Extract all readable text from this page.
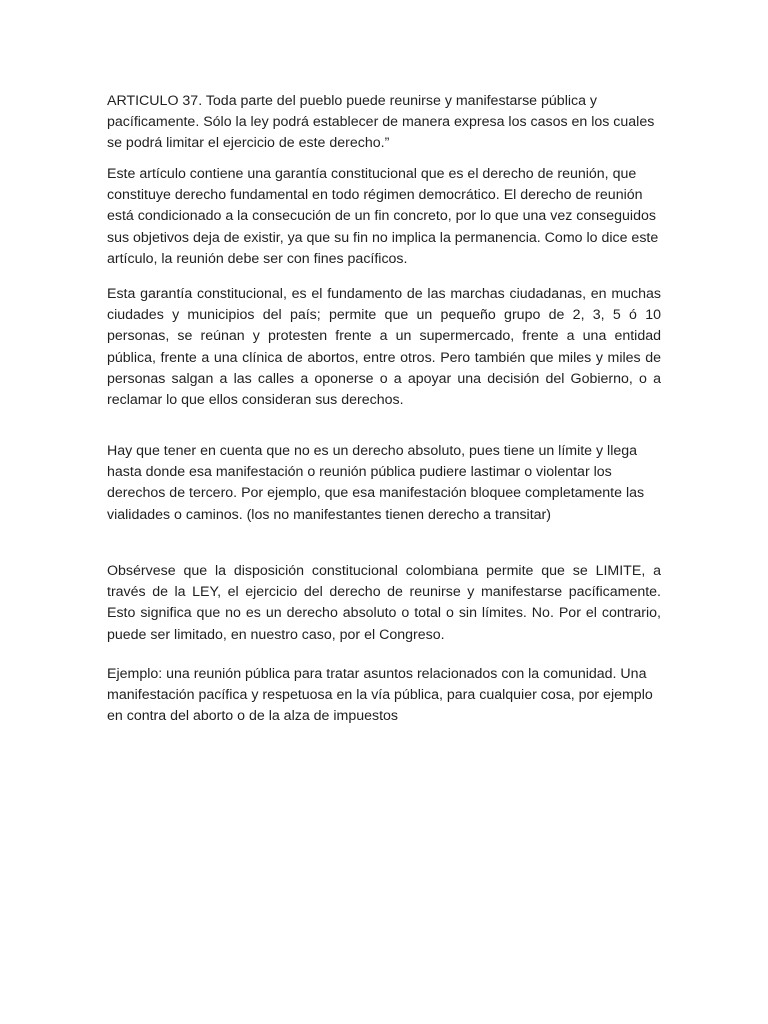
ARTICULO 37. Toda parte del pueblo puede reunirse y manifestarse pública y pacíficamente. Sólo la ley podrá establecer de manera expresa los casos en los cuales se podrá limitar el ejercicio de este derecho.”

Este artículo contiene una garantía constitucional que es el derecho de reunión, que constituye derecho fundamental en todo régimen democrático. El derecho de reunión está condicionado a la consecución de un fin concreto, por lo que una vez conseguidos sus objetivos deja de existir, ya que su fin no implica la permanencia. Como lo dice este artículo, la reunión debe ser con fines pacíficos.

Esta garantía constitucional, es el fundamento de las marchas ciudadanas, en muchas ciudades y municipios del país; permite que un pequeño grupo de 2, 3, 5 ó 10 personas, se reúnan y protesten frente a un supermercado, frente a una entidad pública, frente a una clínica de abortos, entre otros. Pero también que miles y miles de personas salgan a las calles a oponerse o a apoyar una decisión del Gobierno, o a reclamar lo que ellos consideran sus derechos.

Hay que tener en cuenta que no es un derecho absoluto, pues tiene un límite y llega hasta donde esa manifestación o reunión pública pudiere lastimar o violentar los derechos de tercero. Por ejemplo, que esa manifestación bloquee completamente las vialidades o caminos. (los no manifestantes tienen derecho a transitar)

Obsérvese que la disposición constitucional colombiana permite que se LIMITE, a través de la LEY, el ejercicio del derecho de reunirse y manifestarse pacíficamente. Esto significa que no es un derecho absoluto o total o sin límites. No. Por el contrario, puede ser limitado, en nuestro caso, por el Congreso.

Ejemplo: una reunión pública para tratar asuntos relacionados con la comunidad. Una manifestación pacífica y respetuosa en la vía pública, para cualquier cosa, por ejemplo en contra del aborto o de la alza de impuestos
